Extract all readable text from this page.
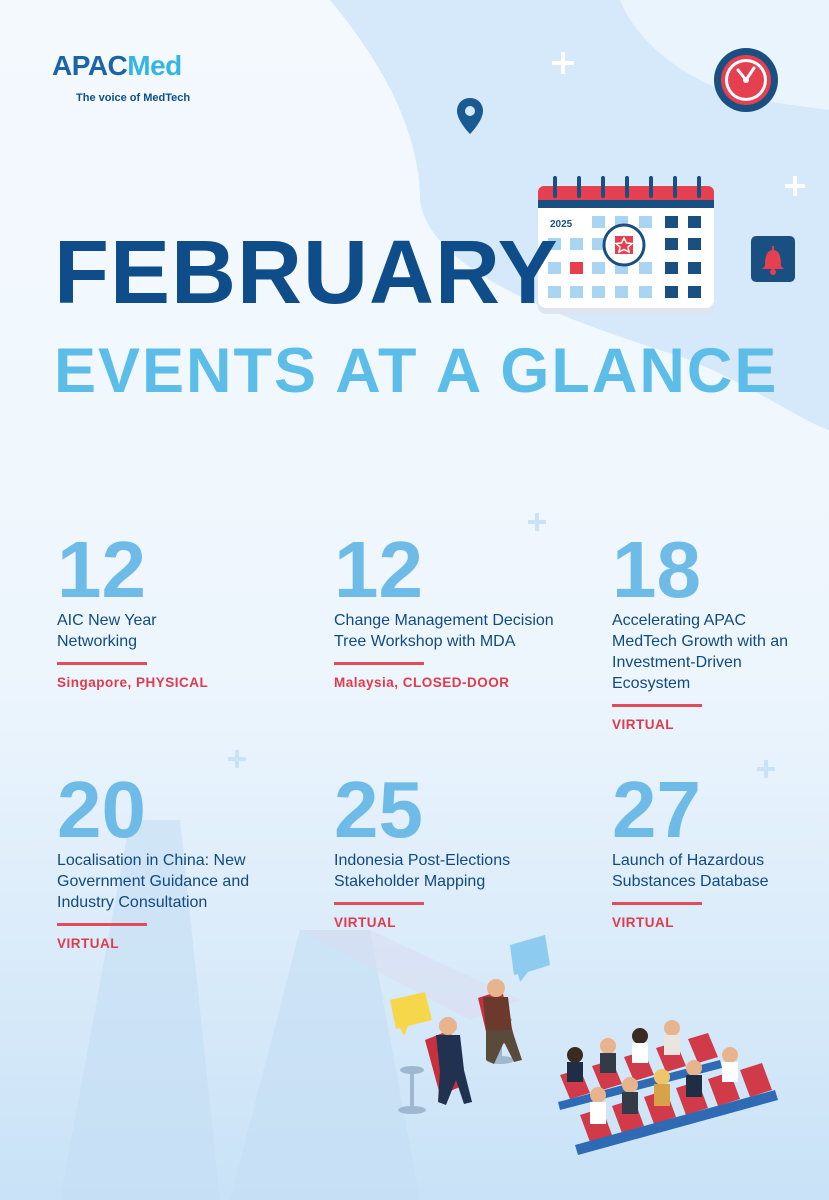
APACMed
The voice of MedTech
2025
FEBRUARY
EVENTS AT A GLANCE
12
AIC New Year Networking
Singapore, PHYSICAL
12
Change Management Decision Tree Workshop with MDA
Malaysia, CLOSED-DOOR
18
Accelerating APAC MedTech Growth with an Investment-Driven Ecosystem
VIRTUAL
20
Localisation in China: New Government Guidance and Industry Consultation
VIRTUAL
25
Indonesia Post-Elections Stakeholder Mapping
VIRTUAL
27
Launch of Hazardous Substances Database
VIRTUAL
